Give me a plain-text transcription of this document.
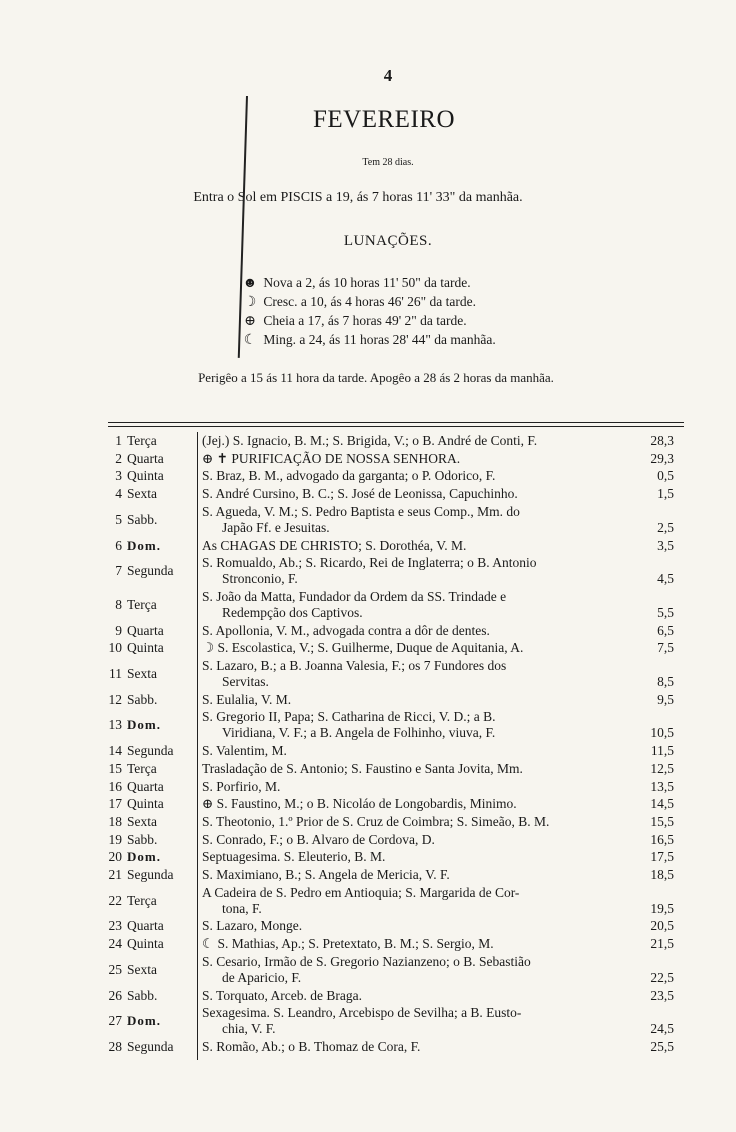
4
FEVEREIRO
Tem 28 dias.
Entra o Sol em PISCIS a 19, ás 7 horas 11' 33" da manhãa.
LUNAÇÕES.
☻ Nova a 2, ás 10 horas 11' 50" da tarde.
☽ Cresc. a 10, ás 4 horas 46' 26" da tarde.
⊕ Cheia a 17, ás 7 horas 49' 2" da tarde.
☾ Ming. a 24, ás 11 horas 28' 44" da manhãa.
Perigêo a 15 ás 11 hora da tarde. Apogêo a 28 ás 2 horas da manhãa.
1 Terça	(Jej.) S. Ignacio, B. M.; S. Brigida, V.; o B. André de Conti, F.	28,3
2 Quarta	⊕ ✝ PURIFICAÇÃO DE NOSSA SENHORA.	29,3
3 Quinta	S. Braz, B. M., advogado da garganta; o P. Odorico, F.	0,5
4 Sexta	S. André Cursino, B. C.; S. José de Leonissa, Capuchinho.	1,5
5 Sabb.
S. Agueda, V. M.; S. Pedro Baptista e seus Comp., Mm. do
Japão Ff. e Jesuitas.	2,5
6 Dom.	As CHAGAS DE CHRISTO; S. Dorothéa, V. M.	3,5
7 Segunda
S. Romualdo, Ab.; S. Ricardo, Rei de Inglaterra; o B. Antonio
Stronconio, F.	4,5
8 Terça
S. João da Matta, Fundador da Ordem da SS. Trindade e
Redempção dos Captivos.	5,5
9 Quarta	S. Apollonia, V. M., advogada contra a dôr de dentes.	6,5
10 Quinta	☽ S. Escolastica, V.; S. Guilherme, Duque de Aquitania, A.	7,5
11 Sexta
S. Lazaro, B.; a B. Joanna Valesia, F.; os 7 Fundores dos
Servitas.	8,5
12 Sabb.	S. Eulalia, V. M.	9,5
13 Dom.
S. Gregorio II, Papa; S. Catharina de Ricci, V. D.; a B.
Viridiana, V. F.; a B. Angela de Folhinho, viuva, F.	10,5
14 Segunda S. Valentim, M.	11,5
15 Terça	Trasladação de S. Antonio; S. Faustino e Santa Jovita, Mm.	12,5
16 Quarta	S. Porfirio, M.	13,5
17 Quinta	⊕ S. Faustino, M.; o B. Nicoláo de Longobardis, Minimo.	14,5
18 Sexta	S. Theotonio, 1.º Prior de S. Cruz de Coimbra; S. Simeão, B. M.	15,5
19 Sabb.	S. Conrado, F.; o B. Alvaro de Cordova, D.	16,5
20 Dom.	Septuagesima. S. Eleuterio, B. M.	17,5
21 Segunda S. Maximiano, B.; S. Angela de Mericia, V. F.	18,5
22 Terça
A Cadeira de S. Pedro em Antioquia; S. Margarida de Cor-
tona, F.	19,5
23 Quarta	S. Lazaro, Monge.	20,5
24 Quinta	☾ S. Mathias, Ap.; S. Pretextato, B. M.; S. Sergio, M.	21,5
25 Sexta
S. Cesario, Irmão de S. Gregorio Nazianzeno; o B. Sebastião
de Aparicio, F.	22,5
26 Sabb.	S. Torquato, Arceb. de Braga.	23,5
27 Dom.
Sexagesima. S. Leandro, Arcebispo de Sevilha; a B. Eusto-
chia, V. F.	24,5
28 Segunda S. Romão, Ab.; o B. Thomaz de Cora, F.	25,5
